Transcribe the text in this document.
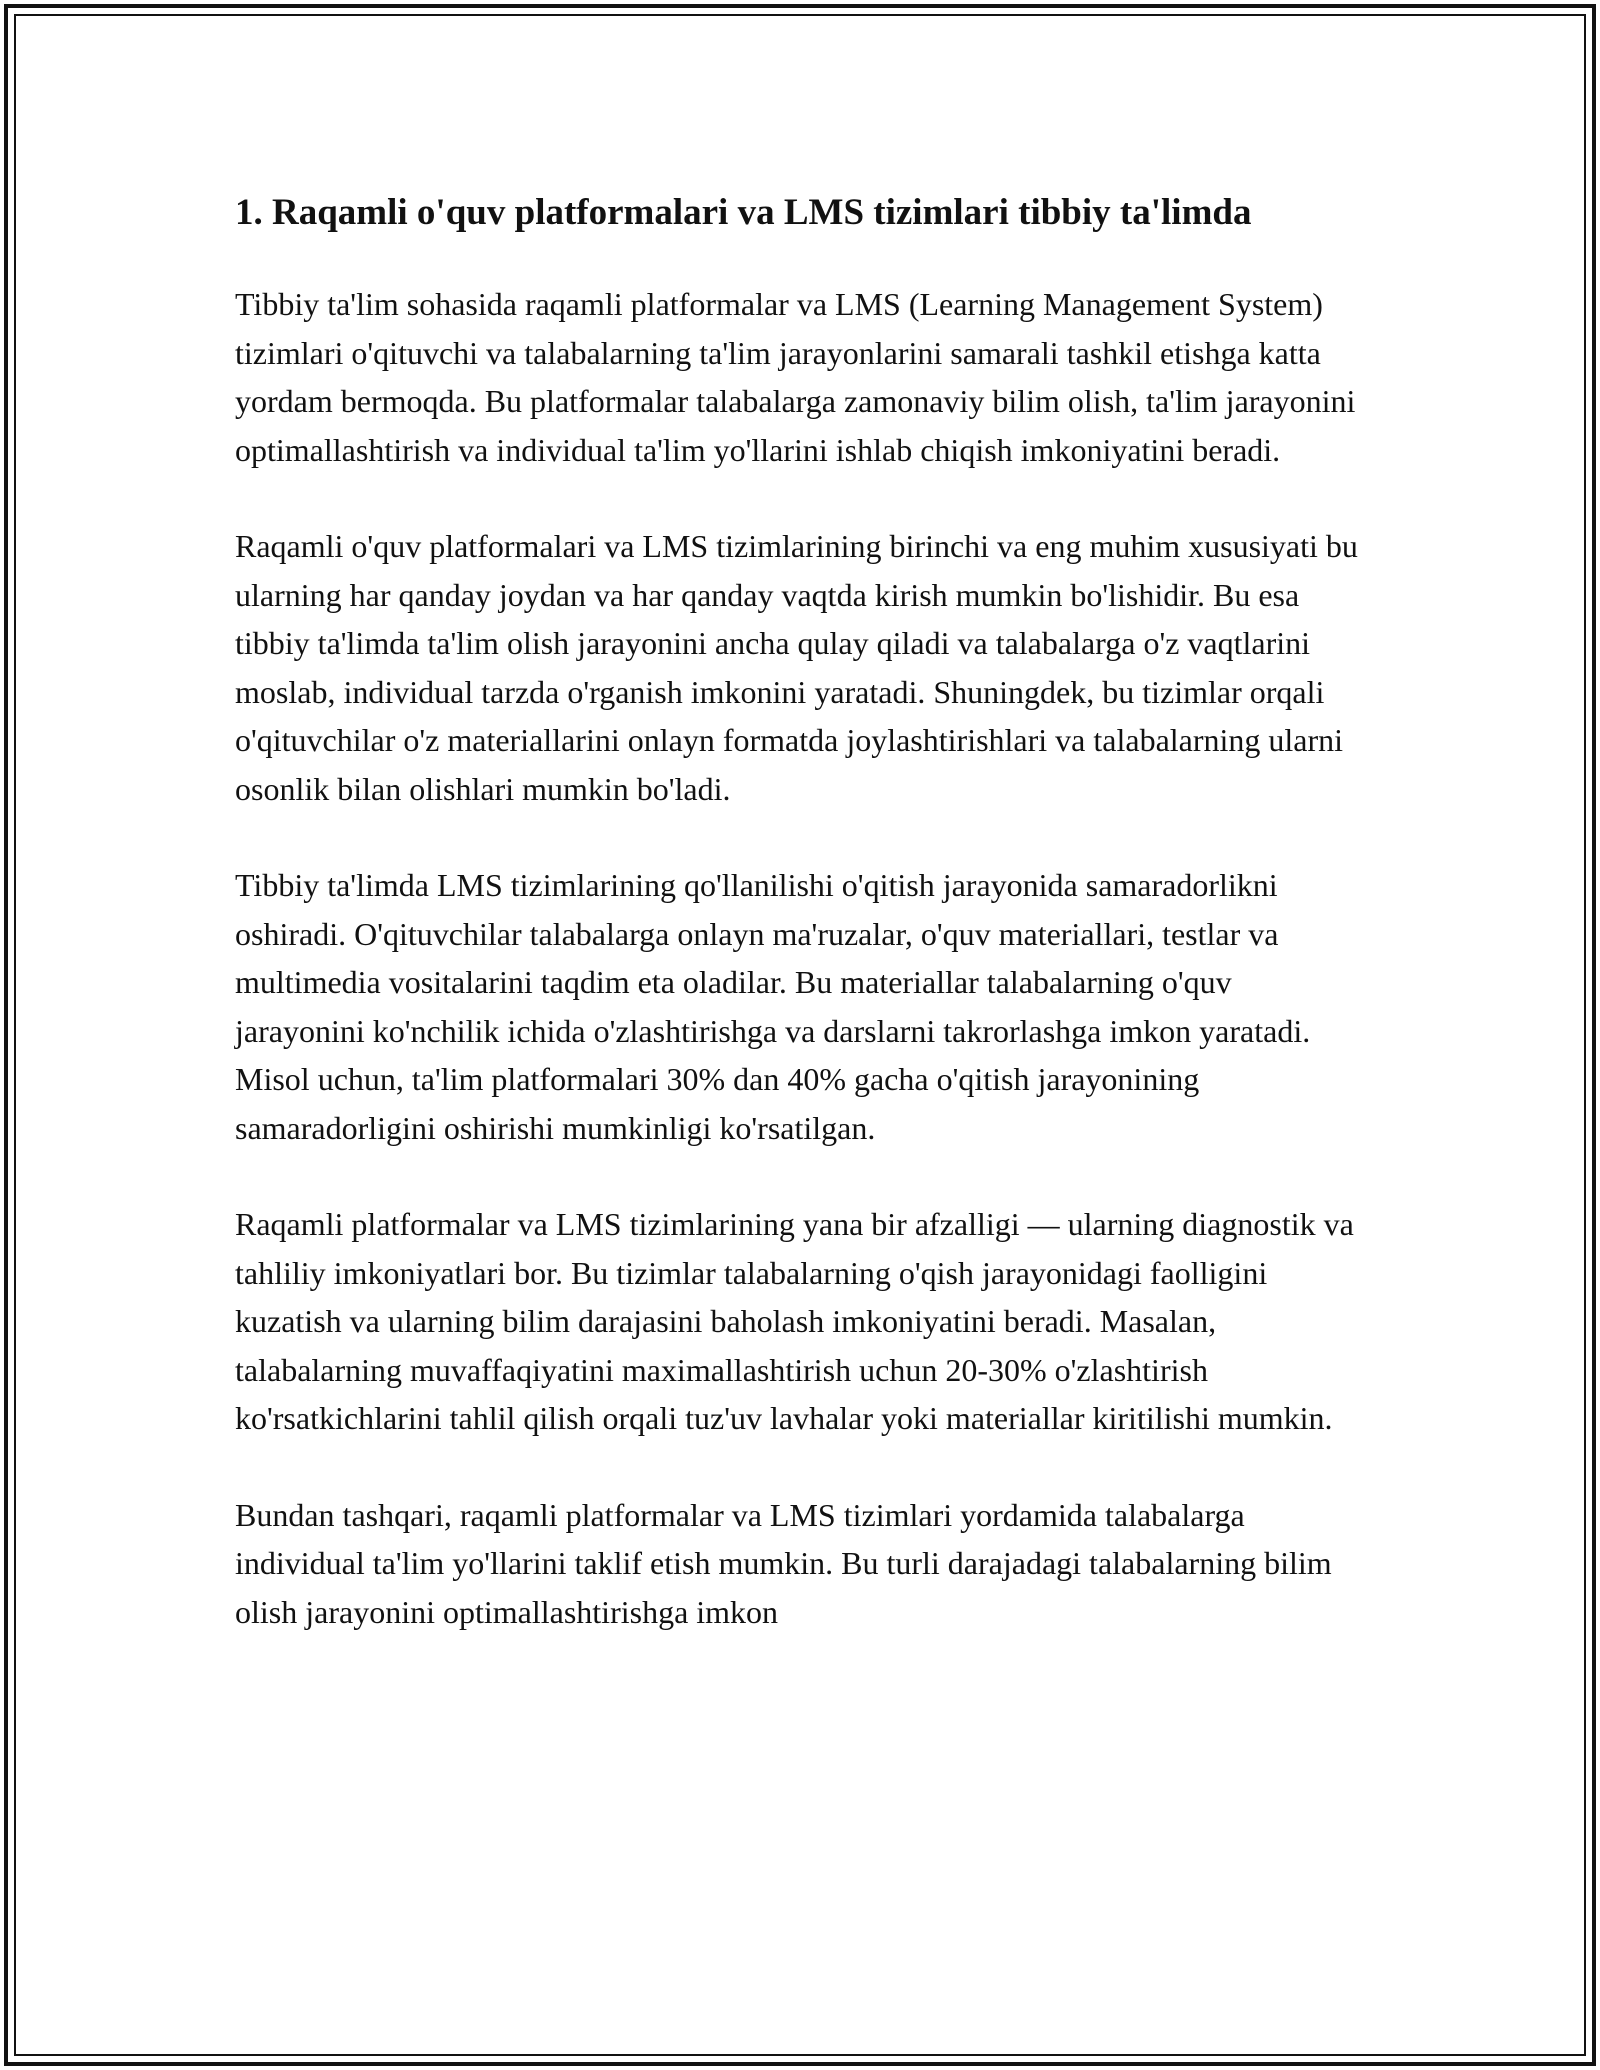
1. Raqamli o'quv platformalari va LMS tizimlari tibbiy ta'limda

Tibbiy ta'lim sohasida raqamli platformalar va LMS (Learning Management System) tizimlari o'qituvchi va talabalarning ta'lim jarayonlarini samarali tashkil etishga katta yordam bermoqda. Bu platformalar talabalarga zamonaviy bilim olish, ta'lim jarayonini optimallashtirish va individual ta'lim yo'llarini ishlab chiqish imkoniyatini beradi.

Raqamli o'quv platformalari va LMS tizimlarining birinchi va eng muhim xususiyati bu ularning har qanday joydan va har qanday vaqtda kirish mumkin bo'lishidir. Bu esa tibbiy ta'limda ta'lim olish jarayonini ancha qulay qiladi va talabalarga o'z vaqtlarini moslab, individual tarzda o'rganish imkonini yaratadi. Shuningdek, bu tizimlar orqali o'qituvchilar o'z materiallarini onlayn formatda joylashtirishlari va talabalarning ularni osonlik bilan olishlari mumkin bo'ladi.

Tibbiy ta'limda LMS tizimlarining qo'llanilishi o'qitish jarayonida samaradorlikni oshiradi. O'qituvchilar talabalarga onlayn ma'ruzalar, o'quv materiallari, testlar va multimedia vositalarini taqdim eta oladilar. Bu materiallar talabalarning o'quv jarayonini ko'nchilik ichida o'zlashtirishga va darslarni takrorlashga imkon yaratadi. Misol uchun, ta'lim platformalari 30% dan 40% gacha o'qitish jarayonining samaradorligini oshirishi mumkinligi ko'rsatilgan.

Raqamli platformalar va LMS tizimlarining yana bir afzalligi — ularning diagnostik va tahliliy imkoniyatlari bor. Bu tizimlar talabalarning o'qish jarayonidagi faolligini kuzatish va ularning bilim darajasini baholash imkoniyatini beradi. Masalan, talabalarning muvaffaqiyatini maximallashtirish uchun 20-30% o'zlashtirish ko'rsatkichlarini tahlil qilish orqali tuz'uv lavhalar yoki materiallar kiritilishi mumkin.

Bundan tashqari, raqamli platformalar va LMS tizimlari yordamida talabalarga individual ta'lim yo'llarini taklif etish mumkin. Bu turli darajadagi talabalarning bilim olish jarayonini optimallashtirishga imkon
